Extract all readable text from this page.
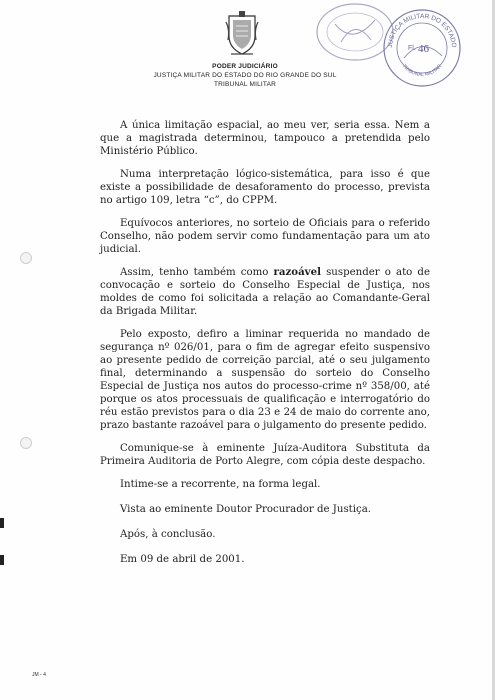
PODER JUDICIÁRIO
JUSTIÇA MILITAR DO ESTADO DO RIO GRANDE DO SUL
TRIBUNAL MILITAR
JUSTIÇA MILITAR DO ESTADO
TRIBUNAL MILITAR
Fl. 46

A única limitação espacial, ao meu ver, seria essa. Nem a que a magistrada determinou, tampouco a pretendida pelo Ministério Público.

Numa interpretação lógico-sistemática, para isso é que existe a possibilidade de desaforamento do processo, prevista no artigo 109, letra “c”, do CPPM.

Equívocos anteriores, no sorteio de Oficiais para o referido Conselho, não podem servir como fundamentação para um ato judicial.

Assim, tenho também como razoável suspender o ato de convocação e sorteio do Conselho Especial de Justiça, nos moldes de como foi solicitada a relação ao Comandante-Geral da Brigada Militar.

Pelo exposto, defiro a liminar requerida no mandado de segurança nº 026/01, para o fim de agregar efeito suspensivo ao presente pedido de correição parcial, até o seu julgamento final, determinando a suspensão do sorteio do Conselho Especial de Justiça nos autos do processo-crime nº 358/00, até porque os atos processuais de qualificação e interrogatório do réu estão previstos para o dia 23 e 24 de maio do corrente ano, prazo bastante razoável para o julgamento do presente pedido.

Comunique-se à eminente Juíza-Auditora Substituta da Primeira Auditoria de Porto Alegre, com cópia deste despacho.

Intime-se a recorrente, na forma legal.

Vista ao eminente Doutor Procurador de Justiça.

Após, à conclusão.

Em 09 de abril de 2001.

JM - 4
